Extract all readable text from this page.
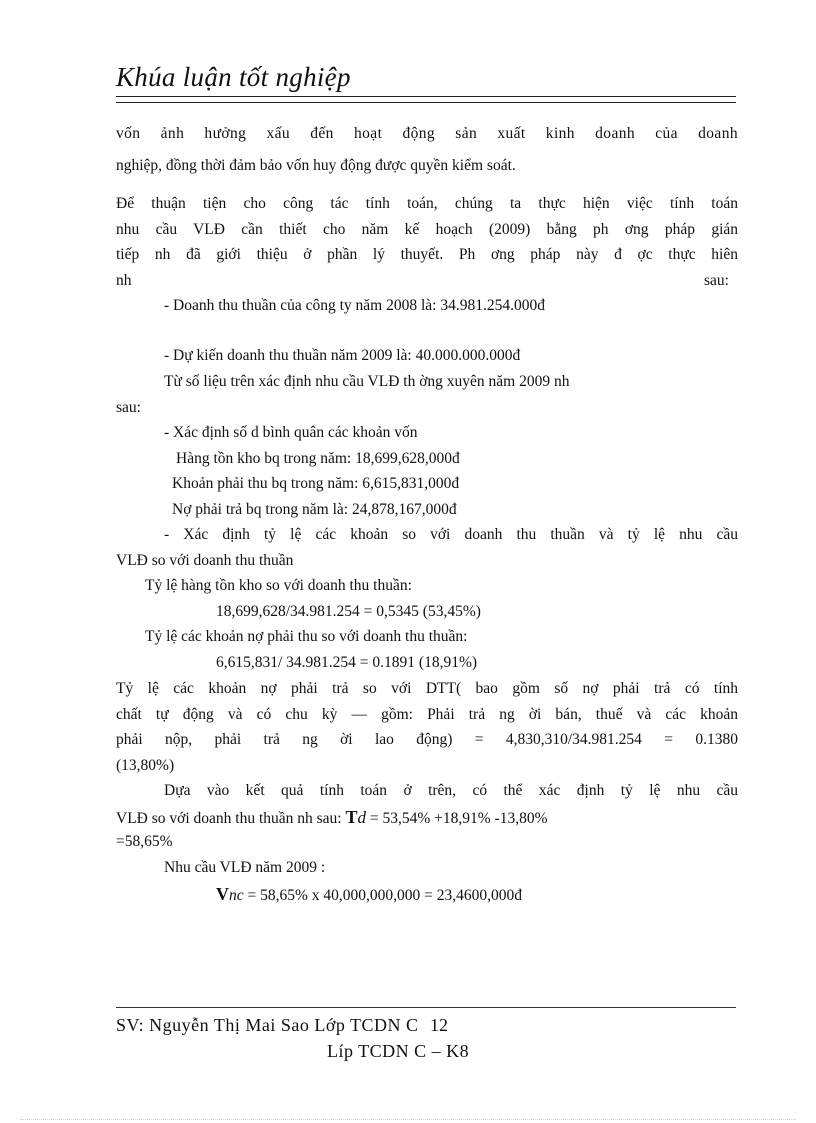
Khúa luận tốt nghiệp
vốn ảnh hưởng xấu đến hoạt động sản xuất kinh doanh của doanh
nghiệp, đồng thời đảm bảo vốn huy động được quyền kiểm soát.
Để thuận tiện cho công tác tính toán, chúng ta thực hiện việc tính toán
nhu cầu VLĐ cần thiết cho năm kế hoạch (2009) bằng ph ơng pháp gián
tiếp nh đã giới thiệu ở phần lý thuyết. Ph ơng pháp này đ ợc thực hiên
nh	sau:
- Doanh thu thuần của công ty năm 2008 là: 34.981.254.000đ
- Dự kiến doanh thu thuần năm 2009 là: 40.000.000.000đ
Từ số liệu trên xác định nhu cầu VLĐ th ờng xuyên năm 2009 nh
sau:
- Xác định số d bình quân các khoản vốn
Hàng tồn kho bq trong năm: 18,699,628,000đ
Khoản phải thu bq trong năm: 6,615,831,000đ
Nợ phải trả bq trong năm là: 24,878,167,000đ
- Xác định tỷ lệ các khoản so với doanh thu thuần và tỷ lệ nhu cầu
VLĐ so với doanh thu thuần
Tỷ lệ hàng tồn kho so với doanh thu thuần:
18,699,628/34.981.254 = 0,5345 (53,45%)
Tỷ lệ các khoản nợ phải thu so với doanh thu thuần:
6,615,831/ 34.981.254 = 0.1891 (18,91%)
Tỷ lệ các khoản nợ phải trả so với DTT( bao gồm số nợ phải trả có tính
chất tự động và có chu kỳ — gồm: Phải trả ng ời bán, thuế và các khoản
phải nộp, phải trả ng ời lao động) = 4,830,310/34.981.254 = 0.1380
(13,80%)
Dựa vào kết quả tính toán ở trên, có thể xác định tỷ lệ nhu cầu
VLĐ so với doanh thu thuần nh sau: Td = 53,54% +18,91% -13,80%
=58,65%
Nhu cầu VLĐ năm 2009 :
Vnc = 58,65% x 40,000,000,000 = 23,4600,000đ
SV: Nguyễn Thị Mai Sao Lớp TCDN C 12
Líp TCDN C – K8
